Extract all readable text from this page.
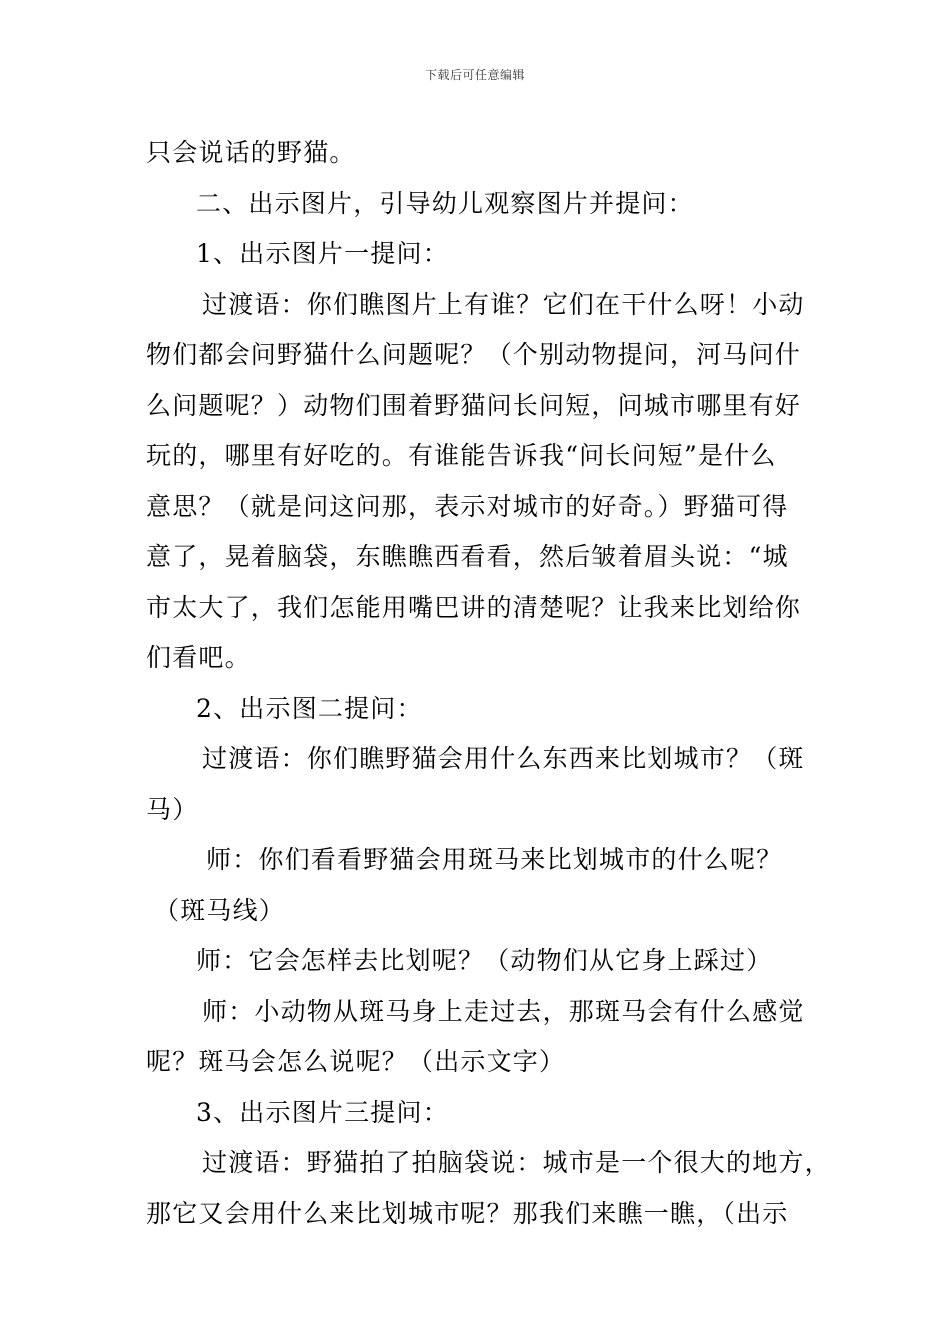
下载后可任意编辑
只会说话的野猫。
二、出示图片，引导幼儿观察图片并提问：
1、出示图片一提问：
过渡语：你们瞧图片上有谁？它们在干什么呀！小动
物们都会问野猫什么问题呢？（个别动物提问，河马问什
么问题呢？）动物们围着野猫问长问短，问城市哪里有好
玩的，哪里有好吃的。有谁能告诉我“问长问短”是什么
意思？（就是问这问那，表示对城市的好奇。）野猫可得
意了，晃着脑袋，东瞧瞧西看看，然后皱着眉头说：“城
市太大了，我们怎能用嘴巴讲的清楚呢？让我来比划给你
们看吧。
2、出示图二提问：
过渡语：你们瞧野猫会用什么东西来比划城市？（斑
马）
师：你们看看野猫会用斑马来比划城市的什么呢？
（斑马线）
师：它会怎样去比划呢？（动物们从它身上踩过）
师：小动物从斑马身上走过去，那斑马会有什么感觉
呢？斑马会怎么说呢？（出示文字）
3、出示图片三提问：
过渡语：野猫拍了拍脑袋说：城市是一个很大的地方，
那它又会用什么来比划城市呢？那我们来瞧一瞧，（出示
